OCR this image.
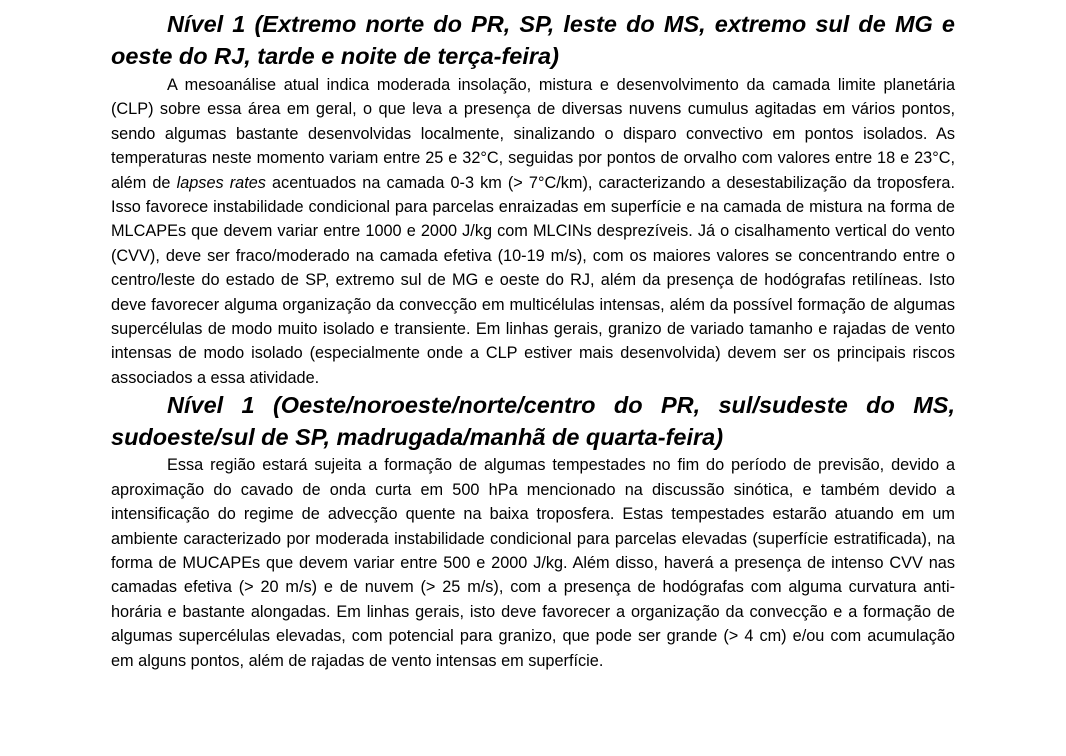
Nível 1 (Extremo norte do PR, SP, leste do MS, extremo sul de MG e oeste do RJ, tarde e noite de terça-feira)

A mesoanálise atual indica moderada insolação, mistura e desenvolvimento da camada limite planetária (CLP) sobre essa área em geral, o que leva a presença de diversas nuvens cumulus agitadas em vários pontos, sendo algumas bastante desenvolvidas localmente, sinalizando o disparo convectivo em pontos isolados. As temperaturas neste momento variam entre 25 e 32°C, seguidas por pontos de orvalho com valores entre 18 e 23°C, além de lapses rates acentuados na camada 0-3 km (> 7°C/km), caracterizando a desestabilização da troposfera. Isso favorece instabilidade condicional para parcelas enraizadas em superfície e na camada de mistura na forma de MLCAPEs que devem variar entre 1000 e 2000 J/kg com MLCINs desprezíveis. Já o cisalhamento vertical do vento (CVV), deve ser fraco/moderado na camada efetiva (10-19 m/s), com os maiores valores se concentrando entre o centro/leste do estado de SP, extremo sul de MG e oeste do RJ, além da presença de hodógrafas retilíneas. Isto deve favorecer alguma organização da convecção em multicélulas intensas, além da possível formação de algumas supercélulas de modo muito isolado e transiente. Em linhas gerais, granizo de variado tamanho e rajadas de vento intensas de modo isolado (especialmente onde a CLP estiver mais desenvolvida) devem ser os principais riscos associados a essa atividade.

Nível 1 (Oeste/noroeste/norte/centro do PR, sul/sudeste do MS, sudoeste/sul de SP, madrugada/manhã de quarta-feira)

Essa região estará sujeita a formação de algumas tempestades no fim do período de previsão, devido a aproximação do cavado de onda curta em 500 hPa mencionado na discussão sinótica, e também devido a intensificação do regime de advecção quente na baixa troposfera. Estas tempestades estarão atuando em um ambiente caracterizado por moderada instabilidade condicional para parcelas elevadas (superfície estratificada), na forma de MUCAPEs que devem variar entre 500 e 2000 J/kg. Além disso, haverá a presença de intenso CVV nas camadas efetiva (> 20 m/s) e de nuvem (> 25 m/s), com a presença de hodógrafas com alguma curvatura anti-horária e bastante alongadas. Em linhas gerais, isto deve favorecer a organização da convecção e a formação de algumas supercélulas elevadas, com potencial para granizo, que pode ser grande (> 4 cm) e/ou com acumulação em alguns pontos, além de rajadas de vento intensas em superfície.
